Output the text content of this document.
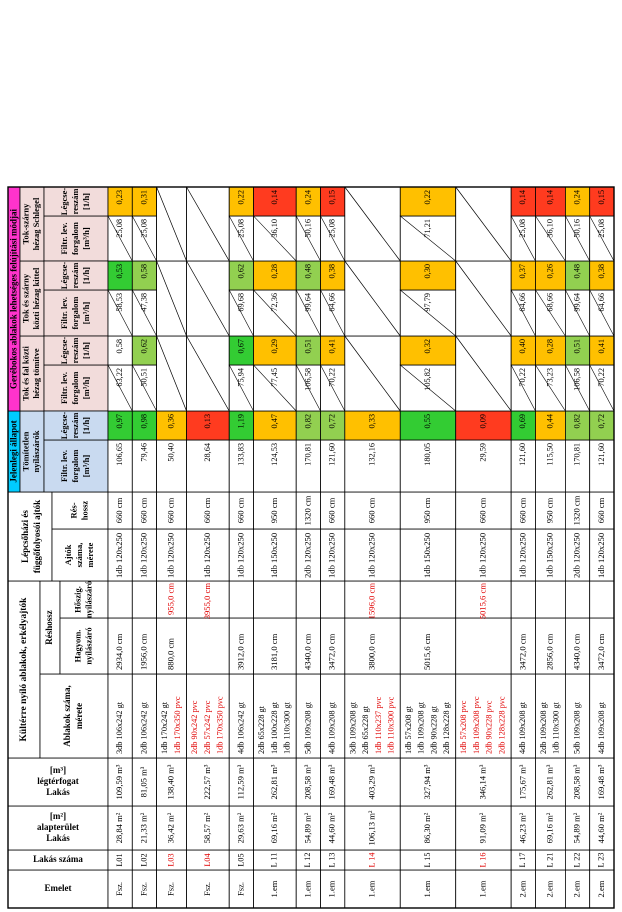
Emelet
Lakás száma
Lakás
alapterület
[m²]
Lakás
légtérfogat
[m³]
Kültérre nyíló ablakok, erkélyajtók	Ablakok száma, mérete
Réshossz
Hagyom. nyílászáró
Hőszig. nyílászáró
Lépcsőházi és függőfolyosói ajtók Ajtók száma, mérete
Rés- hossz
Jelenlegi állapot Tömítetlen nyílászárók
Gerébokos ablakok lehetséges felújítási módjai Tok és fal közti hézag tömítve
Tok és szárny közti hézag kittel
Tok-szárny hézag Schlegel
Filtr. lev. forgalom [m³/h]
Filtr. lev. forgalom [m³/h]
Filtr. lev. forgalom [m³/h]
Filtr. lev. forgalom [m³/h]
Légcse- reszám [1/h]
Légcse- reszám [1/h]
Légcse- reszám [1/h]
Légcse- reszám [1/h]
Fsz.
L01
28,84 m²
109,59 m³
3db 106x242 gt
2934,0 cm
1db 120x250
660 cm
106,65
0,97
63,22
0,58
58,53
0,53
25,08
0,23
Fsz.
L02
21,33 m²
81,05 m³
2db 106x242 gt
1956,0 cm
1db 120x250
660 cm
79,46
0,98
50,51
0,62
47,38
0,58
25,08
0,31
Fsz.
L03
36,42 m²
138,40 m³
1db 170x242 gt 1db 170x350 pvc
880,0 cm
955,0 cm
1db 120x250
660 cm
50,40
0,36
Fsz.
L04
58,57 m²
222,57 m³
2db 90x242 pvc 2db 57x242 pvc 1db 170x350 pvc
3955,0 cm
1db 120x250
660 cm
28,64
0,13
Fsz.
L05
29,63 m²
112,59 m³
4db 106x242 gt
3912,0 cm
1db 120x250
660 cm
133,83
1,19
75,94
0,67
69,68
0,62
25,08
0,22
1.em
L 11
69,16 m²
262,81 m³
2db 65x228 gt 1db 100x228 gt 1db 110x300 gt
3181,0 cm
1db 150x250
950 cm
124,53
0,47
77,45
0,29
72,36
0,28
36,10
0,14
1.em
L 12
54,89 m²
208,58 m³
5db 109x208 gt
4340,0 cm
2db 120x250
1320 cm
170,81
0,82
106,58
0,51
99,64
0,48
50,16
0,24
1.em
L 13
44,60 m²
169,48 m³
4db 109x208 gt
3472,0 cm
1db 120x250
660 cm
121,60
0,72
70,22
0,41
64,66
0,38
25,08
0,15
1.em
L 14
106,13 m²
403,29 m³
3db 109x208 gt 2db 65x228 gt 1db 110x237 pvc 1db 110x300 pvc
3800,0 cm
1596,0 cm
1db 120x250
660 cm
132,16
0,33
1.em
L 15
86,30 m²
327,94 m³
1db 57x208 gt 1db 109x208 gt 2db 90x228 gt 2db 128x228 gt
5015,6 cm
1db 150x250
950 cm
180,05
0,55
105,82
0,32
97,79
0,30
71,21
0,22
1.em
L 16
91,09 m²
346,14 m³
1db 57x208 pvc 1db 109x208 pvc 2db 90x228 pvc 2db 128x228 pvc
5015,6 cm
1db 120x250
660 cm
29,59
0,09
2.em
L 17
46,23 m²
175,67 m³
4db 109x208 gt
3472,0 cm
1db 120x250
660 cm
121,60
0,69
70,22
0,40
64,66
0,37
25,08
0,14
2.em
L 21
69,16 m²
262,81 m³
2db 109x208 gt 1db 110x300 gt
2856,0 cm
1db 150x250
950 cm
115,50
0,44
73,23
0,28
68,66
0,26
36,10
0,14
2.em
L 22
54,89 m²
208,58 m³
5db 109x208 gt
4340,0 cm
2db 120x250
1320 cm
170,81
0,82
106,58
0,51
99,64
0,48
50,16
0,24
2.em
L 23
44,60 m²
169,48 m³
4db 109x208 gt
3472,0 cm
1db 120x250
660 cm
121,60
0,72
70,22
0,41
64,66
0,38
25,08
0,15
